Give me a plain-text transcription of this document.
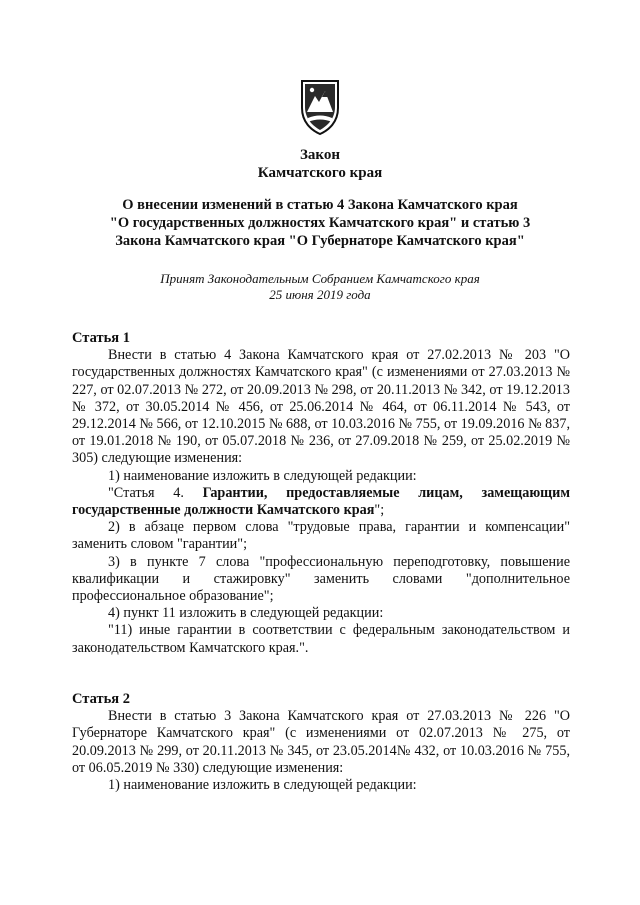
Закон
Камчатского края
О внесении изменений в статью 4 Закона Камчатского края
"О государственных должностях Камчатского края" и статью 3
Закона Камчатского края "О Губернаторе Камчатского края"
Принят Законодательным Собранием Камчатского края
25 июня 2019 года

Статья 1

Внести в статью 4 Закона Камчатского края от 27.02.2013 № 203 "О государственных должностях Камчатского края" (с изменениями от 27.03.2013 № 227, от 02.07.2013 № 272, от 20.09.2013 № 298, от 20.11.2013 № 342, от 19.12.2013 № 372, от 30.05.2014 № 456, от 25.06.2014 № 464, от 06.11.2014 № 543, от 29.12.2014 № 566, от 12.10.2015 № 688, от 10.03.2016 № 755, от 19.09.2016 № 837, от 19.01.2018 № 190, от 05.07.2018 № 236, от 27.09.2018 № 259, от 25.02.2019 № 305) следующие изменения:

1) наименование изложить в следующей редакции:

"Статья 4. Гарантии, предоставляемые лицам, замещающим государственные должности Камчатского края";

2) в абзаце первом слова "трудовые права, гарантии и компенсации" заменить словом "гарантии";

3) в пункте 7 слова "профессиональную переподготовку, повышение квалификации и стажировку" заменить словами "дополнительное профессиональное образование";

4) пункт 11 изложить в следующей редакции:

"11) иные гарантии в соответствии с федеральным законодательством и законодательством Камчатского края.".

Статья 2

Внести в статью 3 Закона Камчатского края от 27.03.2013 № 226 "О Губернаторе Камчатского края" (с изменениями от 02.07.2013 № 275, от 20.09.2013 № 299, от 20.11.2013 № 345, от 23.05.2014№ 432, от 10.03.2016 № 755, от 06.05.2019 № 330) следующие изменения:

1) наименование изложить в следующей редакции:
